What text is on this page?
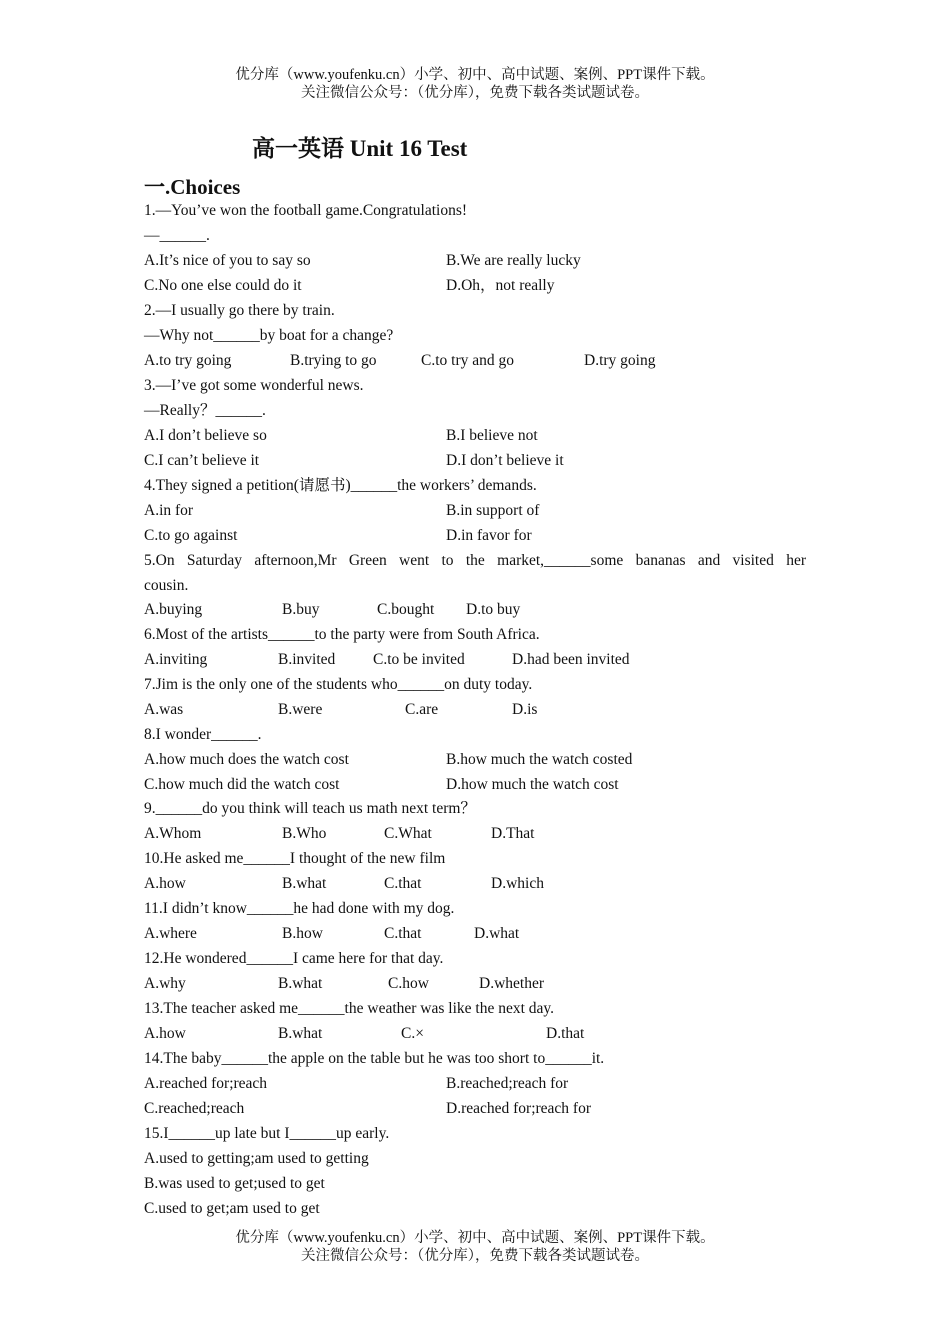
优分库（www.youfenku.cn）小学、初中、高中试题、案例、PPT课件下载。
关注微信公众号：（优分库），免费下载各类试题试卷。
高一英语 Unit 16 Test
一.Choices
1.—You’ve won the football game.Congratulations!
—______.
A.It’s nice of you to say so	B.We are really lucky
C.No one else could do it	D.Oh，not really
2.—I usually go there by train.
—Why not______by boat for a change?
A.to try going	B.trying to go	C.to try and go	D.try going
3.—I’ve got some wonderful news.
—Really？______.
A.I don’t believe so	B.I believe not
C.I can’t believe it	D.I don’t believe it
4.They signed a petition(请愿书)______the workers’ demands.
A.in for	B.in support of
C.to go against	D.in favor for
5.On Saturday afternoon,Mr Green went to the market,______some bananas and visited her
cousin.
A.buying	B.buy	C.bought D.to buy
6.Most of the artists______to the party were from South Africa.
A.inviting	B.invited C.to be invited	D.had been invited
7.Jim is the only one of the students who______on duty today.
A.was	B.were	C.are	D.is
8.I wonder______.
A.how much does the watch cost	B.how much the watch costed
C.how much did the watch cost	D.how much the watch cost
9.______do you think will teach us math next term？
A.Whom	B.Who	C.What	D.That
10.He asked me______I thought of the new film
A.how	B.what	C.that	D.which
11.I didn’t know______he had done with my dog.
A.where	B.how	C.that	D.what
12.He wondered______I came here for that day.
A.why	B.what	C.how	D.whether
13.The teacher asked me______the weather was like the next day.
A.how	B.what	C.×	D.that
14.The baby______the apple on the table but he was too short to______it.
A.reached for;reach	B.reached;reach for
C.reached;reach	D.reached for;reach for
15.I______up late but I______up early.
A.used to getting;am used to getting
B.was used to get;used to get
C.used to get;am used to get
优分库（www.youfenku.cn）小学、初中、高中试题、案例、PPT课件下载。
关注微信公众号：（优分库），免费下载各类试题试卷。
